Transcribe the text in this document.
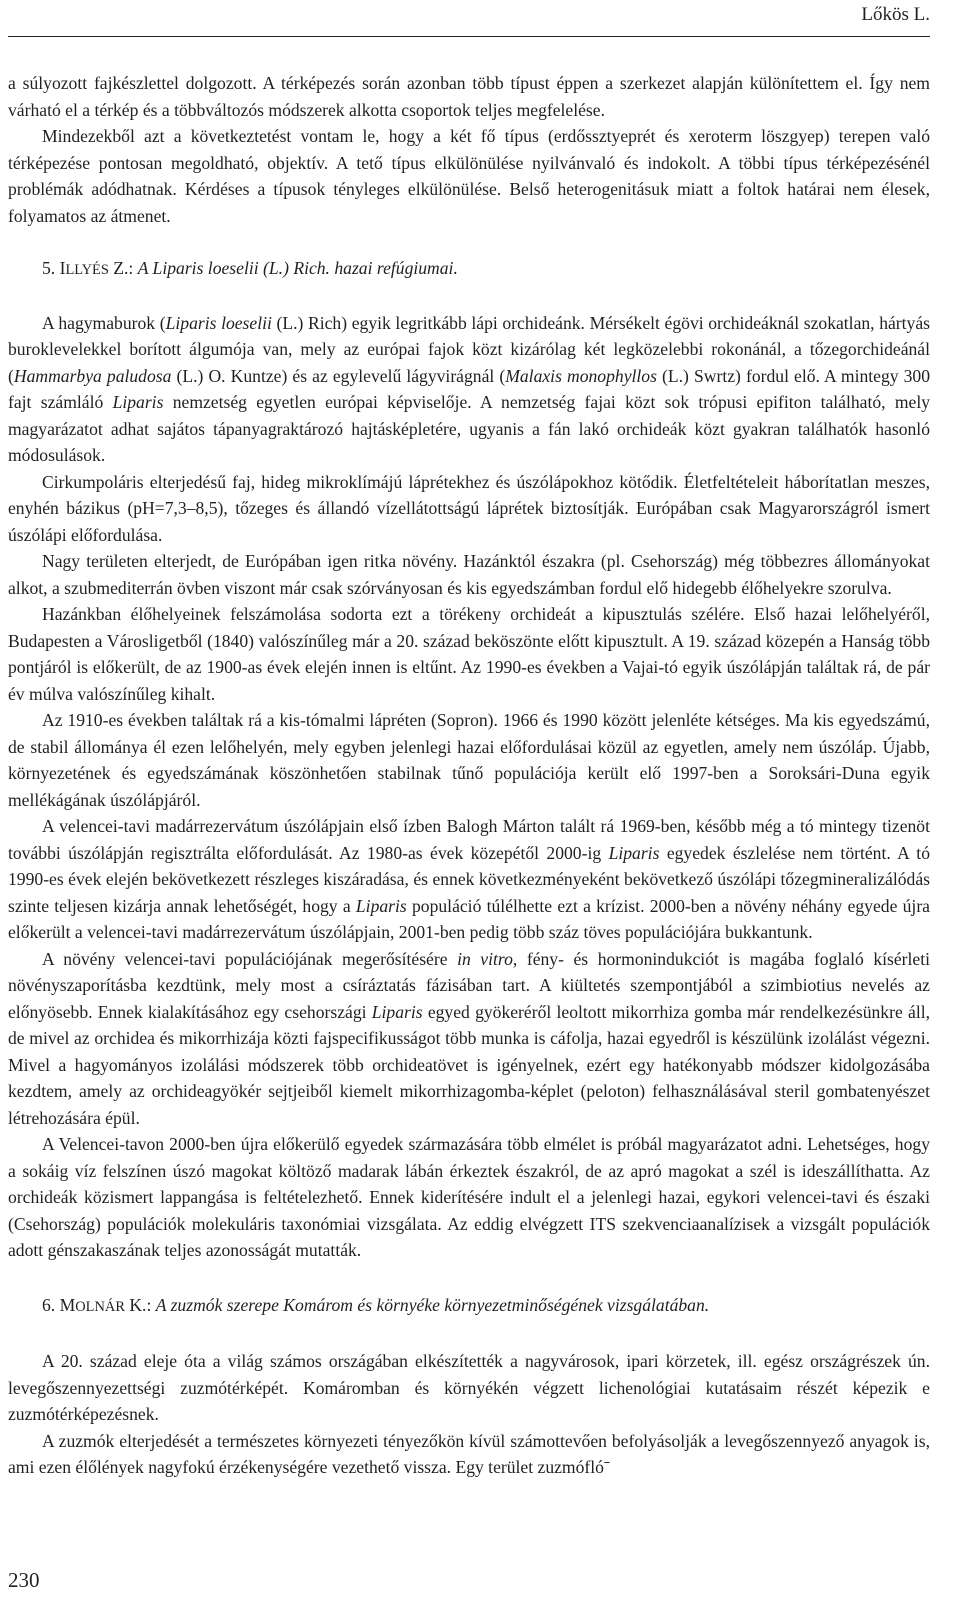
Lőkös L.

a súlyozott fajkészlettel dolgozott. A térképezés során azonban több típust éppen a szerkezet alapján különítettem el. Így nem várható el a térkép és a többváltozós módszerek alkotta csoportok teljes megfelelése.

Mindezekből azt a következtetést vontam le, hogy a két fő típus (erdőssztyeprét és xeroterm löszgyep) terepen való térképezése pontosan megoldható, objektív. A tető típus elkülönülése nyilvánvaló és indokolt. A többi típus térképezésénél problémák adódhatnak. Kérdéses a típusok tényleges elkülönülése. Belső heterogenitásuk miatt a foltok határai nem élesek, folyamatos az átmenet.

5. ILLYÉS Z.: A Liparis loeselii (L.) Rich. hazai refúgiumai.

A hagymaburok (Liparis loeselii (L.) Rich) egyik legritkább lápi orchideánk. Mérsékelt égövi orchideáknál szokatlan, hártyás buroklevelekkel borított álgumója van, mely az európai fajok közt kizárólag két legközelebbi rokonánál, a tőzegorchideánál (Hammarbya paludosa (L.) O. Kuntze) és az egylevelű lágyvirágnál (Malaxis monophyllos (L.) Swrtz) fordul elő. A mintegy 300 fajt számláló Liparis nemzetség egyetlen európai képviselője. A nemzetség fajai közt sok trópusi epifiton található, mely magyarázatot adhat sajátos tápanyagraktározó hajtásképletére, ugyanis a fán lakó orchideák közt gyakran találhatók hasonló módosulások.

Cirkumpoláris elterjedésű faj, hideg mikroklímájú láprétekhez és úszólápokhoz kötődik. Életfeltételeit háborítatlan meszes, enyhén bázikus (pH=7,3–8,5), tőzeges és állandó vízellátottságú láprétek biztosítják. Európában csak Magyarországról ismert úszólápi előfordulása.

Nagy területen elterjedt, de Európában igen ritka növény. Hazánktól északra (pl. Csehország) még többezres állományokat alkot, a szubmediterrán övben viszont már csak szórványosan és kis egyedszámban fordul elő hidegebb élőhelyekre szorulva.

Hazánkban élőhelyeinek felszámolása sodorta ezt a törékeny orchideát a kipusztulás szélére. Első hazai lelőhelyéről, Budapesten a Városligetből (1840) valószínűleg már a 20. század beköszönte előtt kipusztult. A 19. század közepén a Hanság több pontjáról is előkerült, de az 1900-as évek elején innen is eltűnt. Az 1990-es években a Vajai-tó egyik úszólápján találtak rá, de pár év múlva valószínűleg kihalt.

Az 1910-es években találtak rá a kis-tómalmi lápréten (Sopron). 1966 és 1990 között jelenléte kétséges. Ma kis egyedszámú, de stabil állománya él ezen lelőhelyén, mely egyben jelenlegi hazai előfordulásai közül az egyetlen, amely nem úszóláp. Újabb, környezetének és egyedszámának köszönhetően stabilnak tűnő populációja került elő 1997-ben a Soroksári-Duna egyik mellékágának úszólápjáról.

A velencei-tavi madárrezervátum úszólápjain első ízben Balogh Márton talált rá 1969-ben, később még a tó mintegy tizenöt további úszólápján regisztrálta előfordulását. Az 1980-as évek közepétől 2000-ig Liparis egyedek észlelése nem történt. A tó 1990-es évek elején bekövetkezett részleges kiszáradása, és ennek következményeként bekövetkező úszólápi tőzegmineralizálódás szinte teljesen kizárja annak lehetőségét, hogy a Liparis populáció túlélhette ezt a krízist. 2000-ben a növény néhány egyede újra előkerült a velencei-tavi madárrezervátum úszólápjain, 2001-ben pedig több száz töves populációjára bukkantunk.

A növény velencei-tavi populációjának megerősítésére in vitro, fény- és hormonindukciót is magába foglaló kísérleti növényszaporításba kezdtünk, mely most a csíráztatás fázisában tart. A kiültetés szempontjából a szimbiotius nevelés az előnyösebb. Ennek kialakításához egy csehországi Liparis egyed gyökeréről leoltott mikorrhiza gomba már rendelkezésünkre áll, de mivel az orchidea és mikorrhizája közti fajspecifikusságot több munka is cáfolja, hazai egyedről is készülünk izolálást végezni. Mivel a hagyományos izolálási módszerek több orchideatövet is igényelnek, ezért egy hatékonyabb módszer kidolgozásába kezdtem, amely az orchideagyökér sejtjeiből kiemelt mikorrhizagomba-képlet (peloton) felhasználásával steril gombatenyészet létrehozására épül.

A Velencei-tavon 2000-ben újra előkerülő egyedek származására több elmélet is próbál magyarázatot adni. Lehetséges, hogy a sokáig víz felszínen úszó magokat költöző madarak lábán érkeztek északról, de az apró magokat a szél is ideszállíthatta. Az orchideák közismert lappangása is feltételezhető. Ennek kiderítésére indult el a jelenlegi hazai, egykori velencei-tavi és északi (Csehország) populációk molekuláris taxonómiai vizsgálata. Az eddig elvégzett ITS szekvenciaanalízisek a vizsgált populációk adott génszakaszának teljes azonosságát mutatták.

6. MOLNÁR K.: A zuzmók szerepe Komárom és környéke környezetminőségének vizsgálatában.

A 20. század eleje óta a világ számos országában elkészítették a nagyvárosok, ipari körzetek, ill. egész országrészek ún. levegőszennyezettségi zuzmótérképét. Komáromban és környékén végzett lichenológiai kutatásaim részét képezik e zuzmótérképezésnek.

A zuzmók elterjedését a természetes környezeti tényezőkön kívül számottevően befolyásolják a levegőszennyező anyagok is, ami ezen élőlények nagyfokú érzékenységére vezethető vissza. Egy terület zuzmóflóˉ

230
